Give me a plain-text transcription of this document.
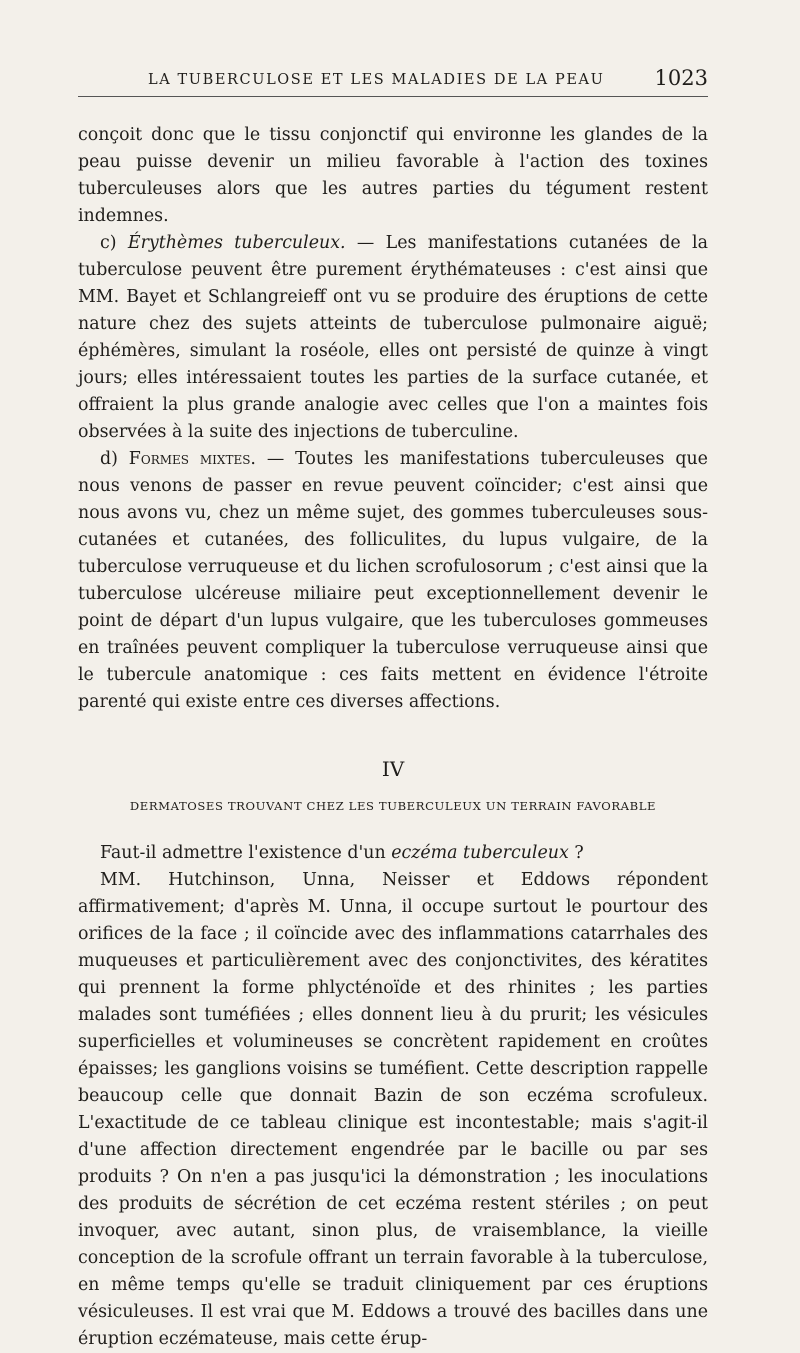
LA TUBERCULOSE ET LES MALADIES DE LA PEAU 1023

conçoit donc que le tissu conjonctif qui environne les glandes de la peau puisse devenir un milieu favorable à l'action des toxines tuberculeuses alors que les autres parties du tégument restent indemnes.

c) Érythèmes tuberculeux. — Les manifestations cutanées de la tuberculose peuvent être purement érythémateuses : c'est ainsi que MM. Bayet et Schlangreieff ont vu se produire des éruptions de cette nature chez des sujets atteints de tuberculose pulmonaire aiguë; éphémères, simulant la roséole, elles ont persisté de quinze à vingt jours; elles intéressaient toutes les parties de la surface cutanée, et offraient la plus grande analogie avec celles que l'on a maintes fois observées à la suite des injections de tuberculine.

d) Formes mixtes. — Toutes les manifestations tuberculeuses que nous venons de passer en revue peuvent coïncider; c'est ainsi que nous avons vu, chez un même sujet, des gommes tuberculeuses sous-cutanées et cutanées, des folliculites, du lupus vulgaire, de la tuberculose verruqueuse et du lichen scrofulosorum ; c'est ainsi que la tuberculose ulcéreuse miliaire peut exceptionnellement devenir le point de départ d'un lupus vulgaire, que les tuberculoses gommeuses en traînées peuvent compliquer la tuberculose verruqueuse ainsi que le tubercule anatomique : ces faits mettent en évidence l'étroite parenté qui existe entre ces diverses affections.

IV
DERMATOSES TROUVANT CHEZ LES TUBERCULEUX UN TERRAIN FAVORABLE

Faut-il admettre l'existence d'un eczéma tuberculeux ?

MM. Hutchinson, Unna, Neisser et Eddows répondent affirmativement; d'après M. Unna, il occupe surtout le pourtour des orifices de la face ; il coïncide avec des inflammations catarrhales des muqueuses et particulièrement avec des conjonctivites, des kératites qui prennent la forme phlycténoïde et des rhinites ; les parties malades sont tuméfiées ; elles donnent lieu à du prurit; les vésicules superficielles et volumineuses se concrètent rapidement en croûtes épaisses; les ganglions voisins se tuméfient. Cette description rappelle beaucoup celle que donnait Bazin de son eczéma scrofuleux. L'exactitude de ce tableau clinique est incontestable; mais s'agit-il d'une affection directement engendrée par le bacille ou par ses produits ? On n'en a pas jusqu'ici la démonstration ; les inoculations des produits de sécrétion de cet eczéma restent stériles ; on peut invoquer, avec autant, sinon plus, de vraisemblance, la vieille conception de la scrofule offrant un terrain favorable à la tuberculose, en même temps qu'elle se traduit cliniquement par ces éruptions vésiculeuses. Il est vrai que M. Eddows a trouvé des bacilles dans une éruption eczémateuse, mais cette érup-
